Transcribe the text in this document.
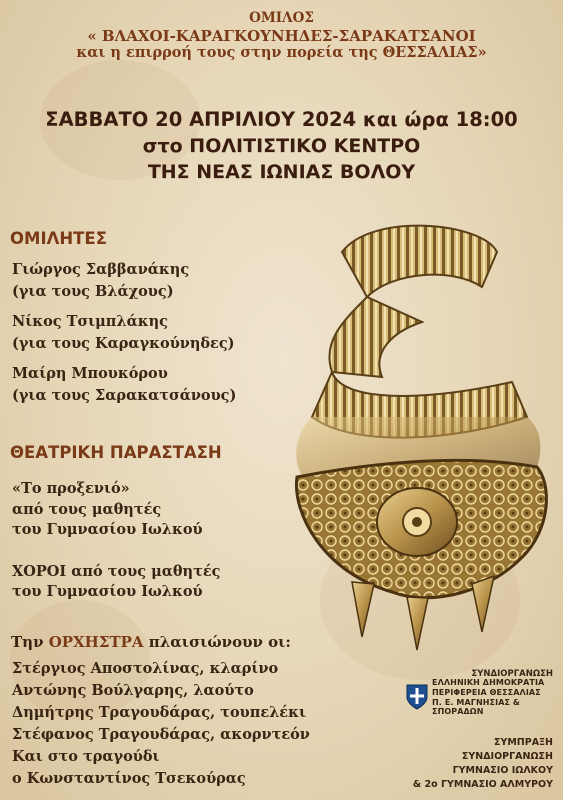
ΟΜΙΛΟΣ
« ΒΛΑΧΟΙ-ΚΑΡΑΓΚΟΥΝΗΔΕΣ-ΣΑΡΑΚΑΤΣΑΝΟΙ
και η επιρροή τους στην πορεία της ΘΕΣΣΑΛΙΑΣ»
ΣΑΒΒΑΤΟ 20 ΑΠΡΙΛΙΟΥ 2024 και ώρα 18:00
στο ΠΟΛΙΤΙΣΤΙΚΟ ΚΕΝΤΡΟ
ΤΗΣ ΝΕΑΣ ΙΩΝΙΑΣ ΒΟΛΟΥ
ΟΜΙΛΗΤΕΣ
Γιώργος Σαββανάκης
(για τους Βλάχους)
Νίκος Τσιμπλάκης
(για τους Καραγκούνηδες)
Μαίρη Μπουκόρου
(για τους Σαρακατσάνους)
ΘΕΑΤΡΙΚΗ ΠΑΡΑΣΤΑΣΗ
«Το προξενιό»
από τους μαθητές
του Γυμνασίου Ιωλκού
ΧΟΡΟΙ από τους μαθητές
του Γυμνασίου Ιωλκού
Την ΟΡΧΗΣΤΡΑ πλαισιώνουν οι:
Στέργιος Αποστολίνας, κλαρίνο
Αντώνης Βούλγαρης, λαούτο
Δημήτρης Τραγουδάρας, τουπελέκι
Στέφανος Τραγουδάρας, ακορντεόν
Και στο τραγούδι
ο Κωνσταντίνος Τσεκούρας
ΣΥΝΔΙΟΡΓΑΝΩΣΗ
ΕΛΛΗΝΙΚΗ ΔΗΜΟΚΡΑΤΙΑ
ΠΕΡΙΦΕΡΕΙΑ ΘΕΣΣΑΛΙΑΣ
Π. Ε. ΜΑΓΝΗΣΙΑΣ & ΣΠΟΡΑΔΩΝ
ΣΥΜΠΡΑΞΗ
ΣΥΝΔΙΟΡΓΑΝΩΣΗ
ΓΥΜΝΑΣΙΟ ΙΩΛΚΟΥ
& 2ο ΓΥΜΝΑΣΙΟ ΑΛΜΥΡΟΥ
